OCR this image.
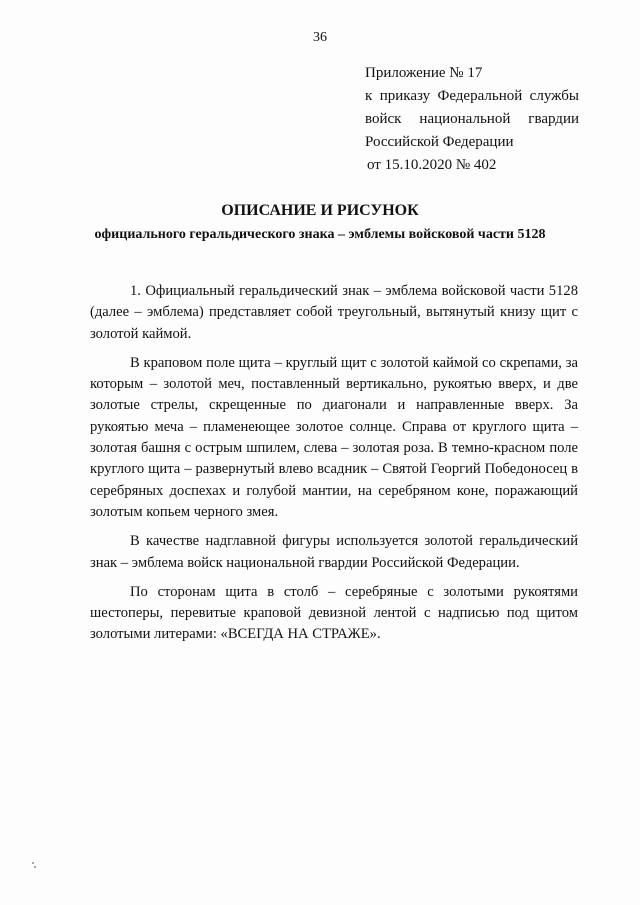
36
Приложение № 17
к приказу Федеральной службы
войск национальной гвардии
Российской Федерации
от 15.10.2020 № 402
ОПИСАНИЕ И РИСУНОК
официального геральдического знака – эмблемы войсковой части 5128

1. Официальный геральдический знак – эмблема войсковой части 5128 (далее – эмблема) представляет собой треугольный, вытянутый книзу щит с золотой каймой.

В краповом поле щита – круглый щит с золотой каймой со скрепами, за которым – золотой меч, поставленный вертикально, рукоятью вверх, и две золотые стрелы, скрещенные по диагонали и направленные вверх. За рукоятью меча – пламенеющее золотое солнце. Справа от круглого щита – золотая башня с острым шпилем, слева – золотая роза. В темно-красном поле круглого щита – развернутый влево всадник – Святой Георгий Победоносец в серебряных доспехах и голубой мантии, на серебряном коне, поражающий золотым копьем черного змея.

В качестве надглавной фигуры используется золотой геральдический знак – эмблема войск национальной гвардии Российской Федерации.

По сторонам щита в столб – серебряные с золотыми рукоятями шестоперы, перевитые краповой девизной лентой с надписью под щитом золотыми литерами: «ВСЕГДА НА СТРАЖЕ».
